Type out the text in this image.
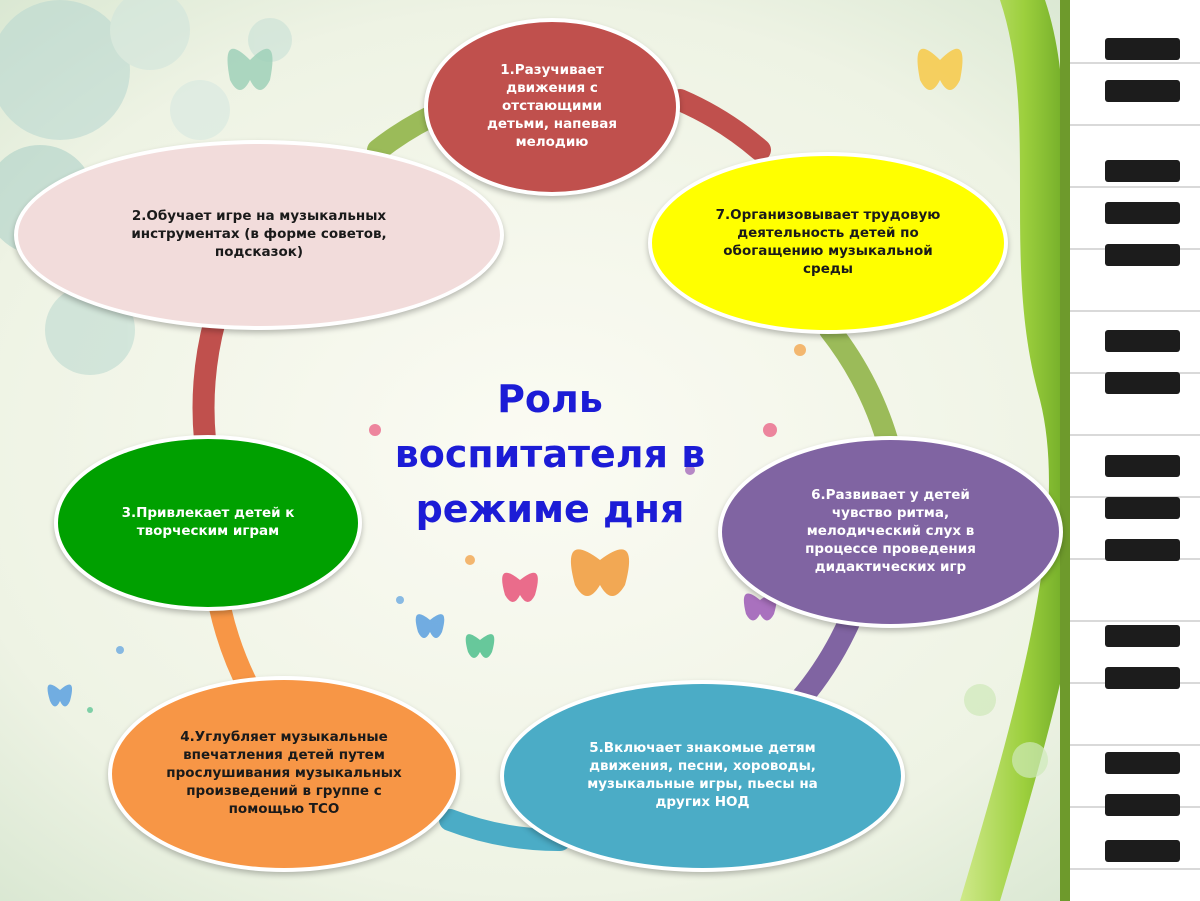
1.Разучивает движения с отстающими детьми, напевая мелодию
2.Обучает игре на музыкальных инструментах (в форме советов, подсказок)
7.Организовывает трудовую деятельность детей по обогащению музыкальной среды
3.Привлекает детей к творческим играм
6.Развивает у детей чувство ритма, мелодический слух в процессе проведения дидактических игр
4.Углубляет музыкальные впечатления детей путем прослушивания музыкальных произведений в группе с помощью ТСО
5.Включает знакомые детям движения, песни, хороводы, музыкальные игры, пьесы на других НОД
Роль воспитателя в режиме дня
